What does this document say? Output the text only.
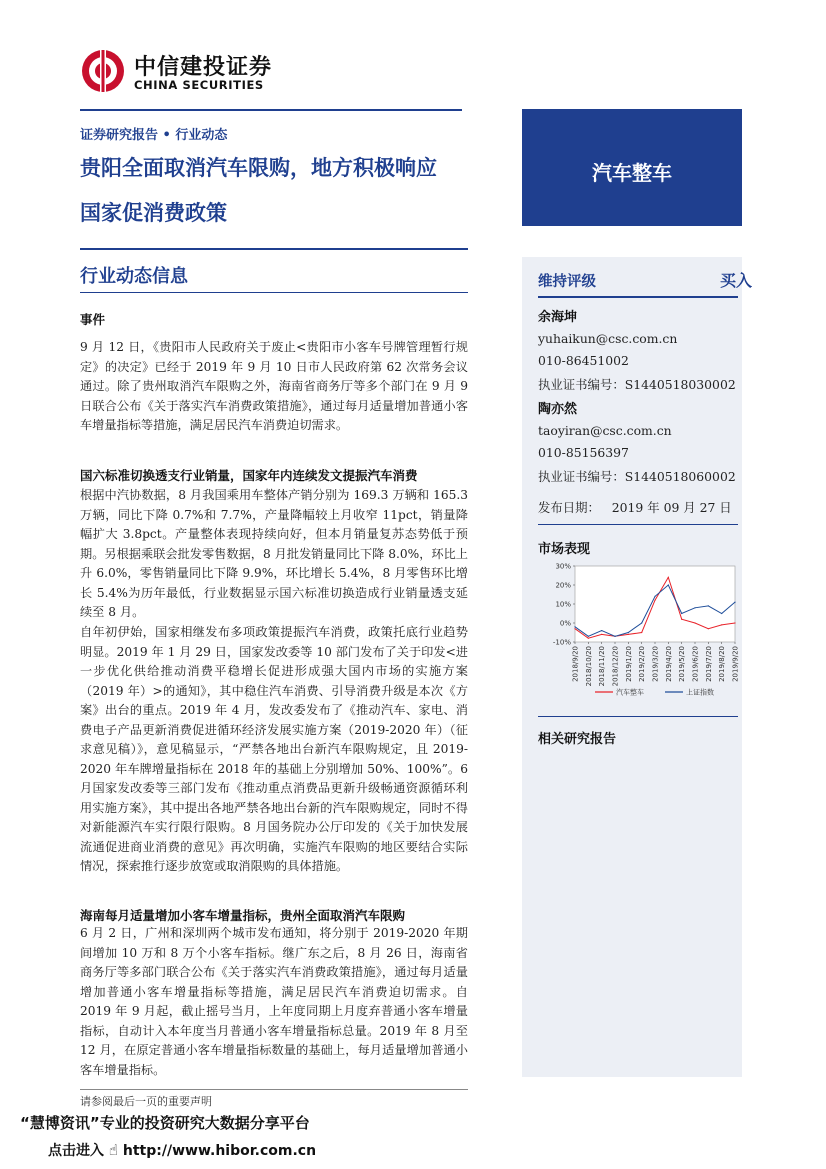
中信建投证券
CHINA SECURITIES
证券研究报告 • 行业动态
贵阳全面取消汽车限购，地方积极响应
国家促消费政策
汽车整车
行业动态信息
事件

9 月 12 日，《贵阳市人民政府关于废止<贵阳市小客车号牌管理暂行规定》的决定》已经于 2019 年 9 月 10 日市人民政府第 62 次常务会议通过。除了贵州取消汽车限购之外，海南省商务厅等多个部门在 9 月 9 日联合公布《关于落实汽车消费政策措施》，通过每月适量增加普通小客车增量指标等措施，满足居民汽车消费迫切需求。

国六标准切换透支行业销量，国家年内连续发文提振汽车消费

根据中汽协数据，8 月我国乘用车整体产销分别为 169.3 万辆和 165.3 万辆，同比下降 0.7%和 7.7%，产量降幅较上月收窄 11pct，销量降幅扩大 3.8pct。产量整体表现持续向好，但本月销量复苏态势低于预期。另根据乘联会批发零售数据，8 月批发销量同比下降 8.0%，环比上升 6.0%，零售销量同比下降 9.9%，环比增长 5.4%，8 月零售环比增长 5.4%为历年最低，行业数据显示国六标准切换造成行业销量透支延续至 8 月。

自年初伊始，国家相继发布多项政策提振汽车消费，政策托底行业趋势明显。2019 年 1 月 29 日，国家发改委等 10 部门发布了关于印发<进一步优化供给推动消费平稳增长促进形成强大国内市场的实施方案（2019 年）>的通知》，其中稳住汽车消费、引导消费升级是本次《方案》出台的重点。2019 年 4 月，发改委发布了《推动汽车、家电、消费电子产品更新消费促进循环经济发展实施方案（2019-2020 年）（征求意见稿）》，意见稿显示，“严禁各地出台新汽车限购规定，且 2019-2020 年车牌增量指标在 2018 年的基础上分别增加 50%、100%”。6 月国家发改委等三部门发布《推动重点消费品更新升级畅通资源循环利用实施方案》，其中提出各地严禁各地出台新的汽车限购规定，同时不得对新能源汽车实行限行限购。8 月国务院办公厅印发的《关于加快发展流通促进商业消费的意见》再次明确，实施汽车限购的地区要结合实际情况，探索推行逐步放宽或取消限购的具体措施。

海南每月适量增加小客车增量指标，贵州全面取消汽车限购

6 月 2 日，广州和深圳两个城市发布通知，将分别于 2019-2020 年期间增加 10 万和 8 万个小客车指标。继广东之后，8 月 26 日，海南省商务厅等多部门联合公布《关于落实汽车消费政策措施》，通过每月适量增加普通小客车增量指标等措施，满足居民汽车消费迫切需求。自 2019 年 9 月起，截止摇号当月，上年度同期上月度弃普通小客车增量指标，自动计入本年度当月普通小客车增量指标总量。2019 年 8 月至 12 月，在原定普通小客车增量指标数量的基础上，每月适量增加普通小客车增量指标。

维持评级	买入
余海坤
yuhaikun@csc.com.cn
010-86451002
执业证书编号：S1440518030002
陶亦然
taoyiran@csc.com.cn
010-85156397
执业证书编号：S1440518060002
发布日期：   2019 年 09 月 27 日
市场表现
30%
20%
10%
0%
-10%
2018/9/20 2018/10/20 2018/11/20 2018/12/20 2019/1/20 2019/2/20 2019/3/20 2019/4/20 2019/5/20 2019/6/20 2019/7/20 2019/8/20 2019/9/20
汽车整车	上证指数
相关研究报告
请参阅最后一页的重要声明
“慧博资讯”专业的投资研究大数据分享平台
点击进入 ☝ http://www.hibor.com.cn
